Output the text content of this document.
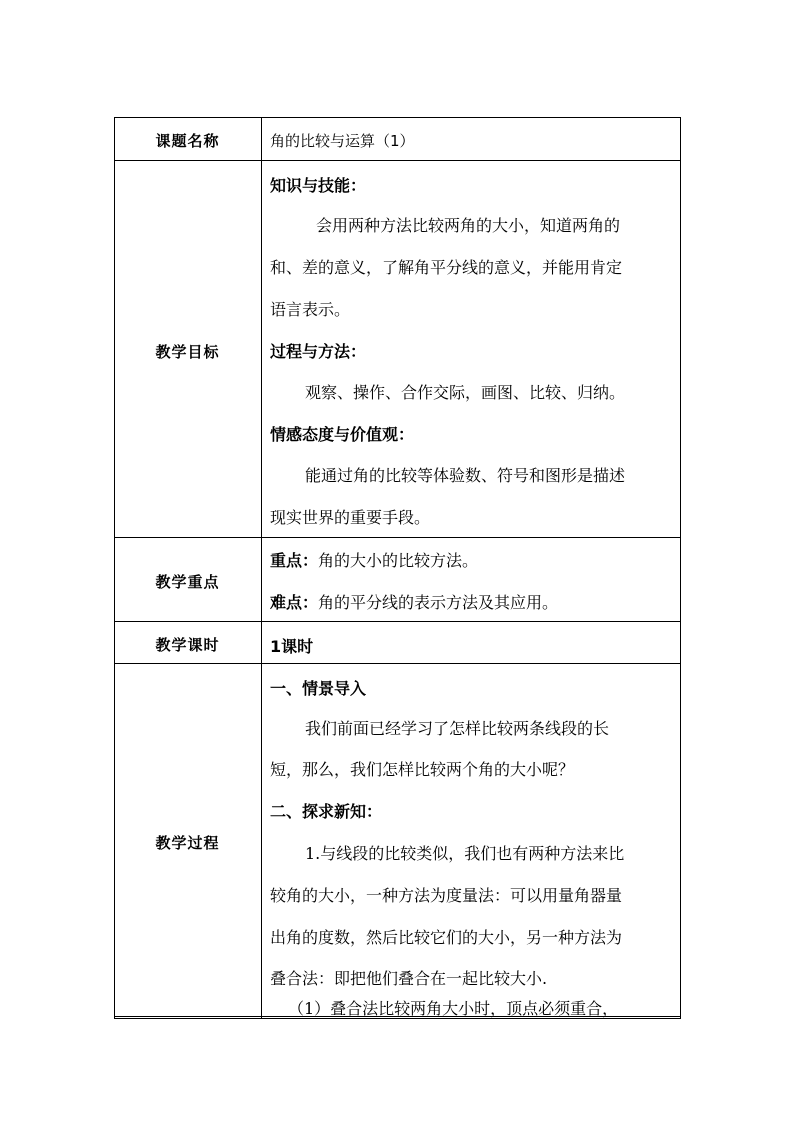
课题名称	角的比较与运算（1）
教学目标
知识与技能：
会用两种方法比较两角的大小，知道两角的
和、差的意义，了解角平分线的意义，并能用肯定
语言表示。
过程与方法：
观察、操作、合作交际，画图、比较、归纳。
情感态度与价值观：
能通过角的比较等体验数、符号和图形是描述
现实世界的重要手段。
教学重点
重点：角的大小的比较方法。
难点：角的平分线的表示方法及其应用。
教学课时	1课时
教学过程
一、情景导入
我们前面已经学习了怎样比较两条线段的长
短，那么，我们怎样比较两个角的大小呢？
二、探求新知：
1.与线段的比较类似，我们也有两种方法来比
较角的大小，一种方法为度量法：可以用量角器量
出角的度数，然后比较它们的大小，另一种方法为
叠合法：即把他们叠合在一起比较大小.
（1）叠合法比较两角大小时，顶点必须重合，
